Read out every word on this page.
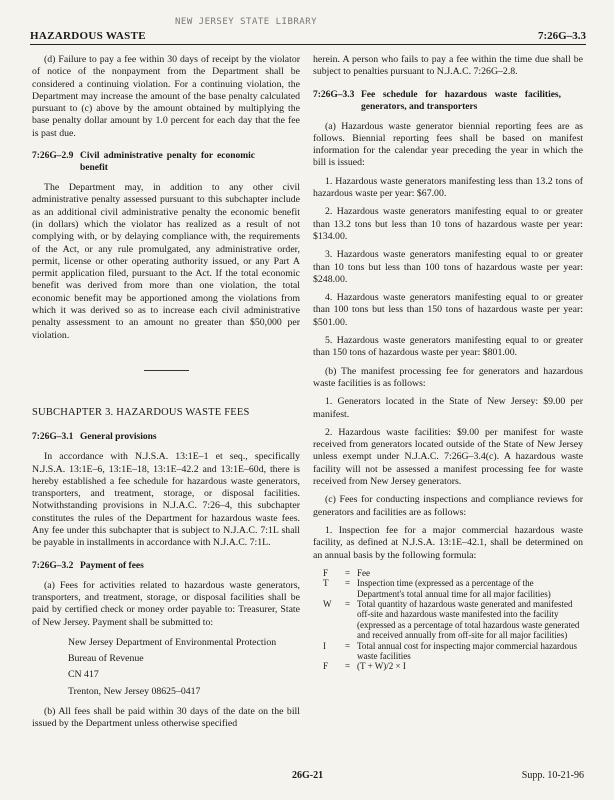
NEW JERSEY STATE LIBRARY
HAZARDOUS WASTE	7:26G–3.3

(d) Failure to pay a fee within 30 days of receipt by the violator of notice of the nonpayment from the Department shall be considered a continuing violation. For a continuing violation, the Department may increase the amount of the base penalty calculated pursuant to (c) above by the amount obtained by multiplying the base penalty dollar amount by 1.0 percent for each day that the fee is past due.

7:26G–2.9 Civil administrative penalty for economic benefit

The Department may, in addition to any other civil administrative penalty assessed pursuant to this subchapter include as an additional civil administrative penalty the economic benefit (in dollars) which the violator has realized as a result of not complying with, or by delaying compliance with, the requirements of the Act, or any rule promulgated, any administrative order, permit, license or other operating authority issued, or any Part A permit application filed, pursuant to the Act. If the total economic benefit was derived from more than one violation, the total economic benefit may be apportioned among the violations from which it was derived so as to increase each civil administrative penalty assessment to an amount no greater than $50,000 per violation.

SUBCHAPTER 3. HAZARDOUS WASTE FEES
7:26G–3.1 General provisions

In accordance with N.J.S.A. 13:1E–1 et seq., specifically N.J.S.A. 13:1E–6, 13:1E–18, 13:1E–42.2 and 13:1E–60d, there is hereby established a fee schedule for hazardous waste generators, transporters, and treatment, storage, or disposal facilities. Notwithstanding provisions in N.J.A.C. 7:26–4, this subchapter constitutes the rules of the Department for hazardous waste fees. Any fee under this subchapter that is subject to N.J.A.C. 7:1L shall be payable in installments in accordance with N.J.A.C. 7:1L.

7:26G–3.2 Payment of fees

(a) Fees for activities related to hazardous waste generators, transporters, and treatment, storage, or disposal facilities shall be paid by certified check or money order payable to: Treasurer, State of New Jersey. Payment shall be submitted to:

New Jersey Department of Environmental Protection
Bureau of Revenue
CN 417
Trenton, New Jersey 08625–0417

(b) All fees shall be paid within 30 days of the date on the bill issued by the Department unless otherwise specified

herein. A person who fails to pay a fee within the time due shall be subject to penalties pursuant to N.J.A.C. 7:26G–2.8.

7:26G–3.3 Fee schedule for hazardous waste facilities, generators, and transporters

(a) Hazardous waste generator biennial reporting fees are as follows. Biennial reporting fees shall be based on manifest information for the calendar year preceding the year in which the bill is issued:

1. Hazardous waste generators manifesting less than 13.2 tons of hazardous waste per year: $67.00.

2. Hazardous waste generators manifesting equal to or greater than 13.2 tons but less than 10 tons of hazardous waste per year: $134.00.

3. Hazardous waste generators manifesting equal to or greater than 10 tons but less than 100 tons of hazardous waste per year: $248.00.

4. Hazardous waste generators manifesting equal to or greater than 100 tons but less than 150 tons of hazardous waste per year: $501.00.

5. Hazardous waste generators manifesting equal to or greater than 150 tons of hazardous waste per year: $801.00.

(b) The manifest processing fee for generators and hazardous waste facilities is as follows:

1. Generators located in the State of New Jersey: $9.00 per manifest.

2. Hazardous waste facilities: $9.00 per manifest for waste received from generators located outside of the State of New Jersey unless exempt under N.J.A.C. 7:26G–3.4(c). A hazardous waste facility will not be assessed a manifest processing fee for waste received from New Jersey generators.

(c) Fees for conducting inspections and compliance reviews for generators and facilities are as follows:

1. Inspection fee for a major commercial hazardous waste facility, as defined at N.J.S.A. 13:1E–42.1, shall be determined on an annual basis by the following formula:

F	= Fee
T	= Inspection time (expressed as a percentage of the Department's total annual time for all major facilities)
W	= Total quantity of hazardous waste generated and manifested off-site and hazardous waste manifested into the facility (expressed as a percentage of total hazardous waste generated and received annually from off-site for all major facilities)
I	= Total annual cost for inspecting major commercial hazardous waste facilities
F	= (T + W)/2 × I
26G-21	Supp. 10-21-96
